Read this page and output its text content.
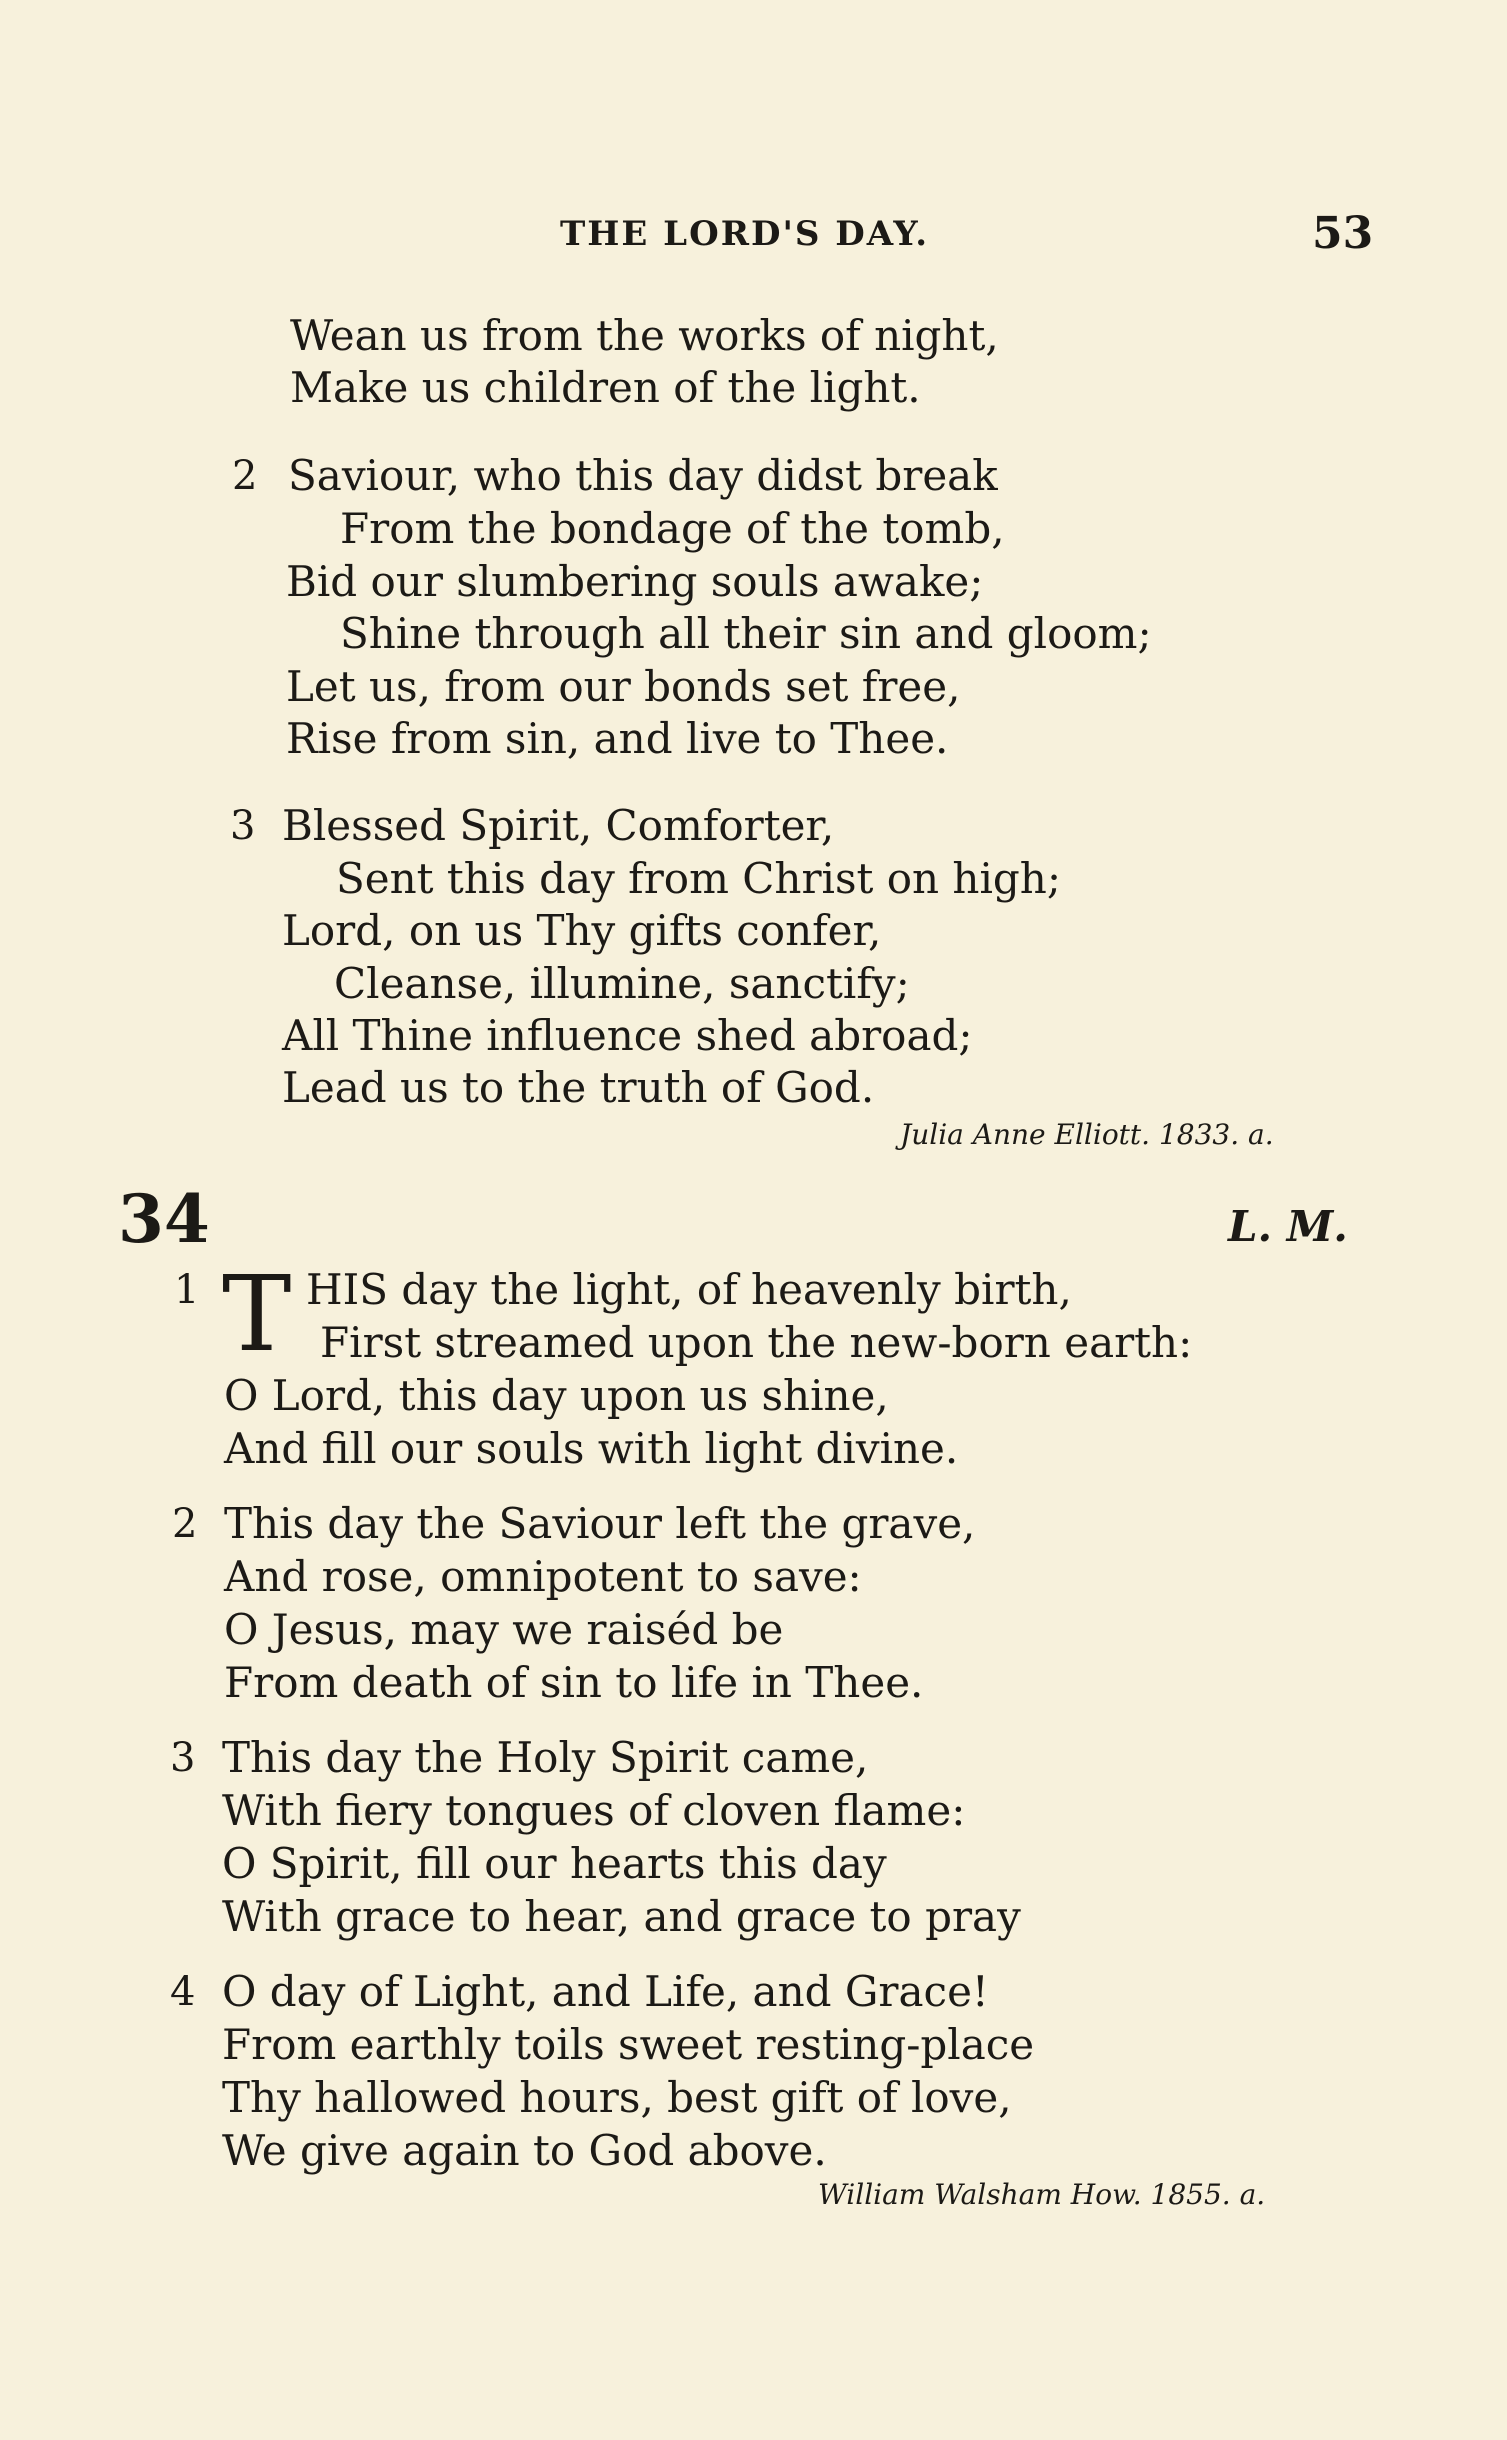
THE LORD'S DAY.	53
Wean us from the works of night,
Make us children of the light.
2 Saviour, who this day didst break
From the bondage of the tomb,
Bid our slumbering souls awake;
Shine through all their sin and gloom;
Let us, from our bonds set free,
Rise from sin, and live to Thee.
3 Blessed Spirit, Comforter,
Sent this day from Christ on high;
Lord, on us Thy gifts confer,
Cleanse, illumine, sanctify;
All Thine influence shed abroad;
Lead us to the truth of God.
Julia Anne Elliott. 1833. a.
34	L. M.
1 T HIS day the light, of heavenly birth,
First streamed upon the new-born earth:
O Lord, this day upon us shine,
And fill our souls with light divine.
2 This day the Saviour left the grave,
And rose, omnipotent to save:
O Jesus, may we raiséd be
From death of sin to life in Thee.
3 This day the Holy Spirit came,
With fiery tongues of cloven flame:
O Spirit, fill our hearts this day
With grace to hear, and grace to pray
4 O day of Light, and Life, and Grace!
From earthly toils sweet resting-place
Thy hallowed hours, best gift of love,
We give again to God above.
William Walsham How. 1855. a.
